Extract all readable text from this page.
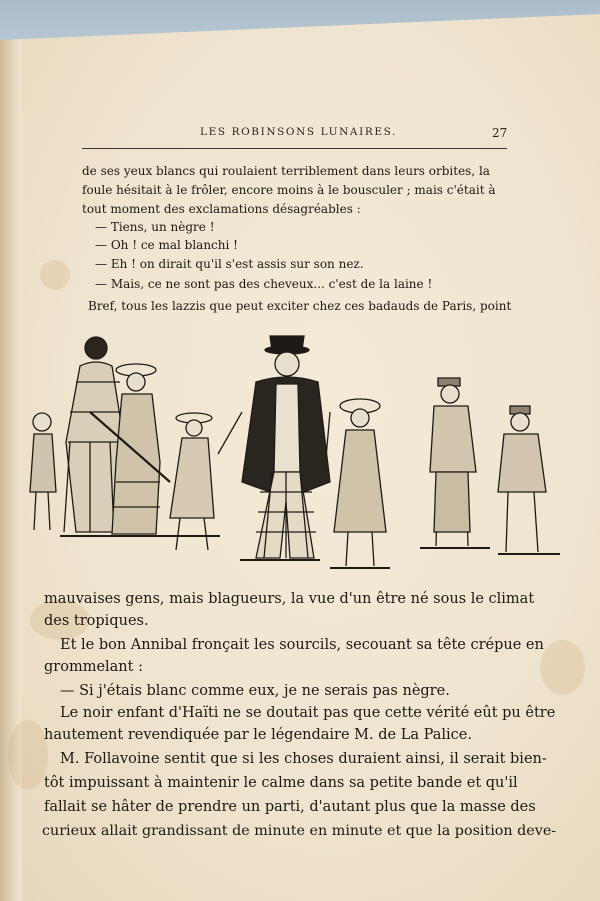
LES ROBINSONS LUNAIRES.	27
de ses yeux blancs qui roulaient terriblement dans leurs orbites, la
foule hésitait à le frôler, encore moins à le bousculer ; mais c'était à
tout moment des exclamations désagréables :
— Tiens, un nègre !
— Oh ! ce mal blanchi !
— Eh ! on dirait qu'il s'est assis sur son nez.
— Mais, ce ne sont pas des cheveux... c'est de la laine !
Bref, tous les lazzis que peut exciter chez ces badauds de Paris, point
mauvaises gens, mais blagueurs, la vue d'un être né sous le climat
des tropiques.
Et le bon Annibal fronçait les sourcils, secouant sa tête crépue en
grommelant :
— Si j'étais blanc comme eux, je ne serais pas nègre.
Le noir enfant d'Haïti ne se doutait pas que cette vérité eût pu être
hautement revendiquée par le légendaire M. de La Palice.
M. Follavoine sentit que si les choses duraient ainsi, il serait bien-
tôt impuissant à maintenir le calme dans sa petite bande et qu'il
fallait se hâter de prendre un parti, d'autant plus que la masse des
curieux allait grandissant de minute en minute et que la position deve-
